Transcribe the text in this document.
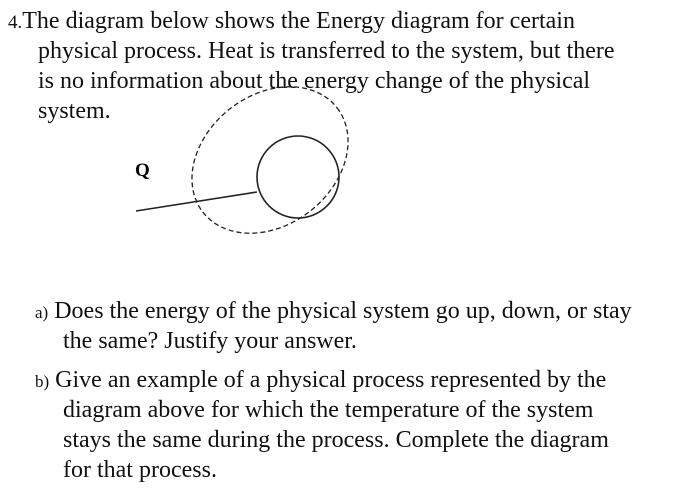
Q
4.The diagram below shows the Energy diagram for certain
physical process. Heat is transferred to the system, but there
is no information about the energy change of the physical
system.
a) Does the energy of the physical system go up, down, or stay
the same? Justify your answer.
b) Give an example of a physical process represented by the
diagram above for which the temperature of the system
stays the same during the process. Complete the diagram
for that process.
